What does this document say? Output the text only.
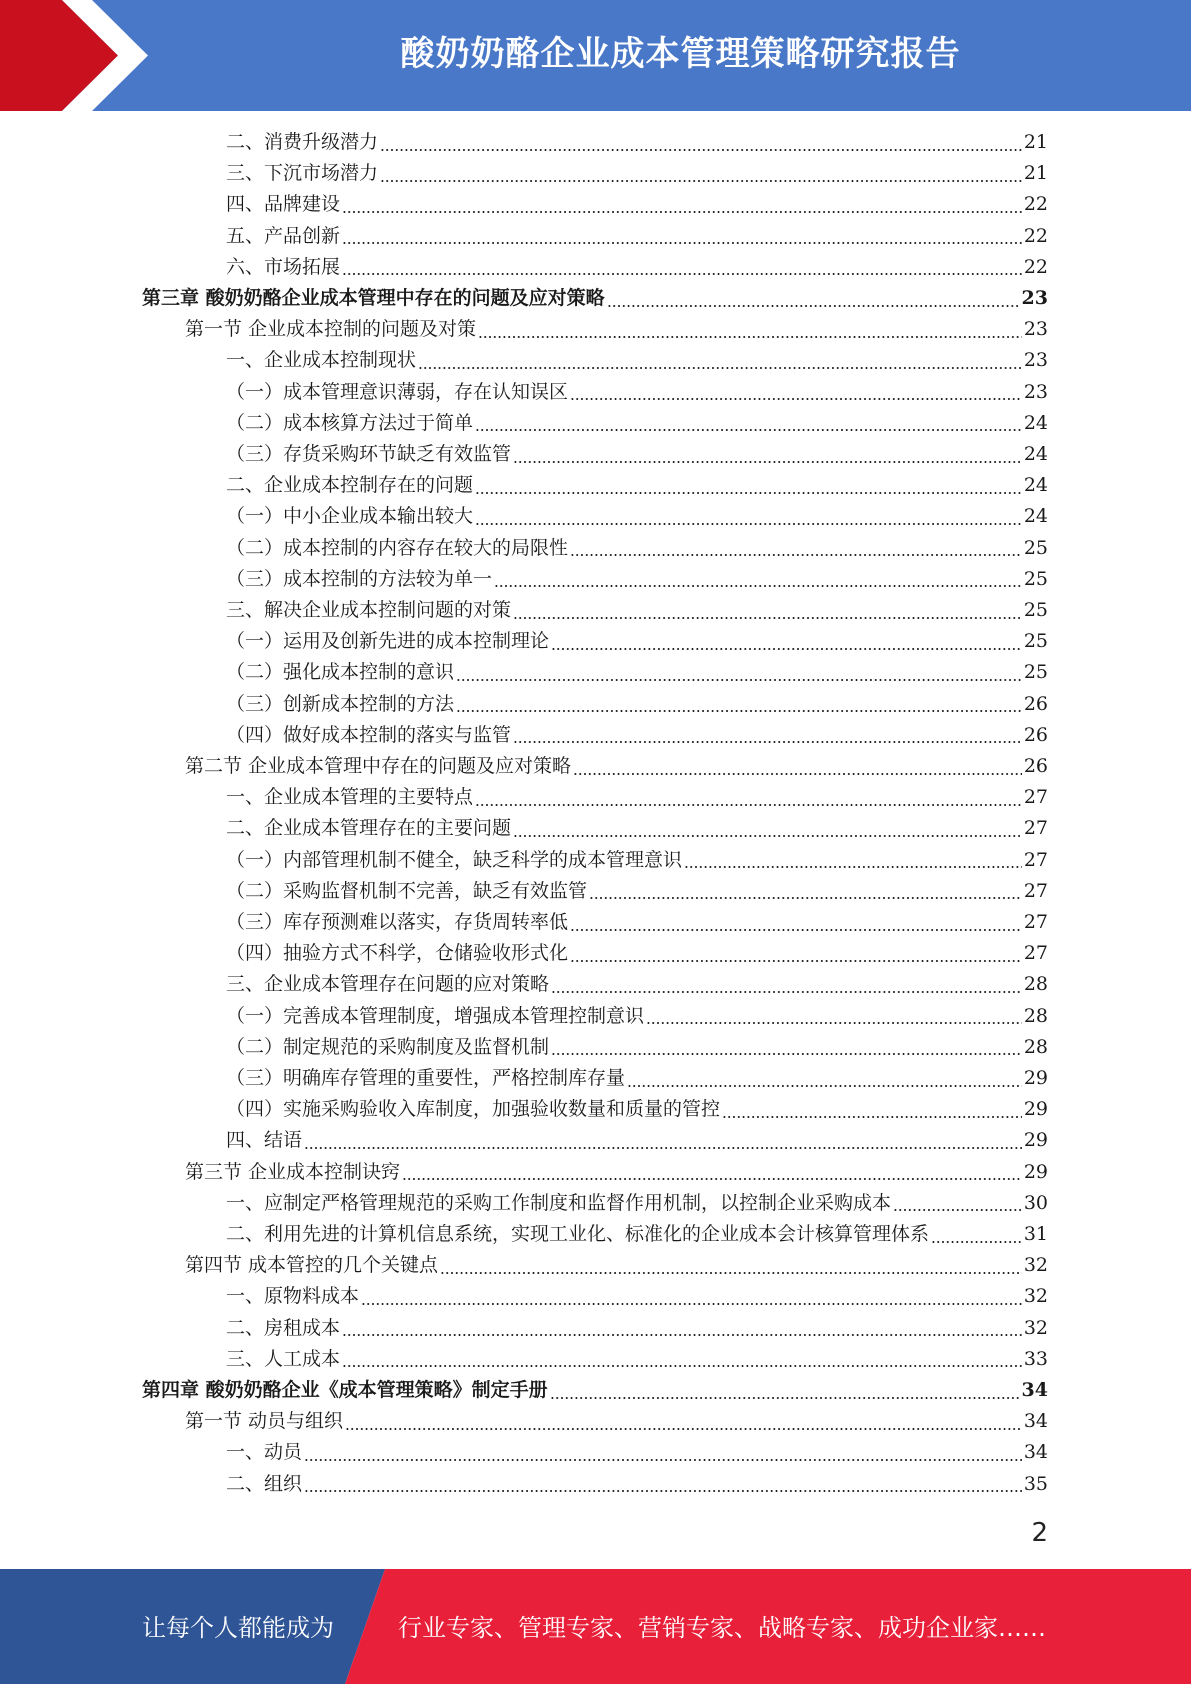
酸奶奶酪企业成本管理策略研究报告
二、消费升级潜力	21
三、下沉市场潜力	21
四、品牌建设	22
五、产品创新	22
六、市场拓展	22
第三章 酸奶奶酪企业成本管理中存在的问题及应对策略	23
第一节 企业成本控制的问题及对策	23
一、企业成本控制现状	23
（一）成本管理意识薄弱，存在认知误区	23
（二）成本核算方法过于简单	24
（三）存货采购环节缺乏有效监管	24
二、企业成本控制存在的问题	24
（一）中小企业成本输出较大	24
（二）成本控制的内容存在较大的局限性	25
（三）成本控制的方法较为单一	25
三、解决企业成本控制问题的对策	25
（一）运用及创新先进的成本控制理论	25
（二）强化成本控制的意识	25
（三）创新成本控制的方法	26
（四）做好成本控制的落实与监管	26
第二节 企业成本管理中存在的问题及应对策略	26
一、企业成本管理的主要特点	27
二、企业成本管理存在的主要问题	27
（一）内部管理机制不健全，缺乏科学的成本管理意识	27
（二）采购监督机制不完善，缺乏有效监管	27
（三）库存预测难以落实，存货周转率低	27
（四）抽验方式不科学，仓储验收形式化	27
三、企业成本管理存在问题的应对策略	28
（一）完善成本管理制度，增强成本管理控制意识	28
（二）制定规范的采购制度及监督机制	28
（三）明确库存管理的重要性，严格控制库存量	29
（四）实施采购验收入库制度，加强验收数量和质量的管控	29
四、结语	29
第三节 企业成本控制诀窍	29
一、应制定严格管理规范的采购工作制度和监督作用机制，以控制企业采购成本	30
二、利用先进的计算机信息系统，实现工业化、标准化的企业成本会计核算管理体系	31
第四节 成本管控的几个关键点	32
一、原物料成本	32
二、房租成本	32
三、人工成本	33
第四章 酸奶奶酪企业《成本管理策略》制定手册	34
第一节 动员与组织	34
一、动员	34
二、组织	35
2
让每个人都能成为	行业专家、管理专家、营销专家、战略专家、成功企业家……
